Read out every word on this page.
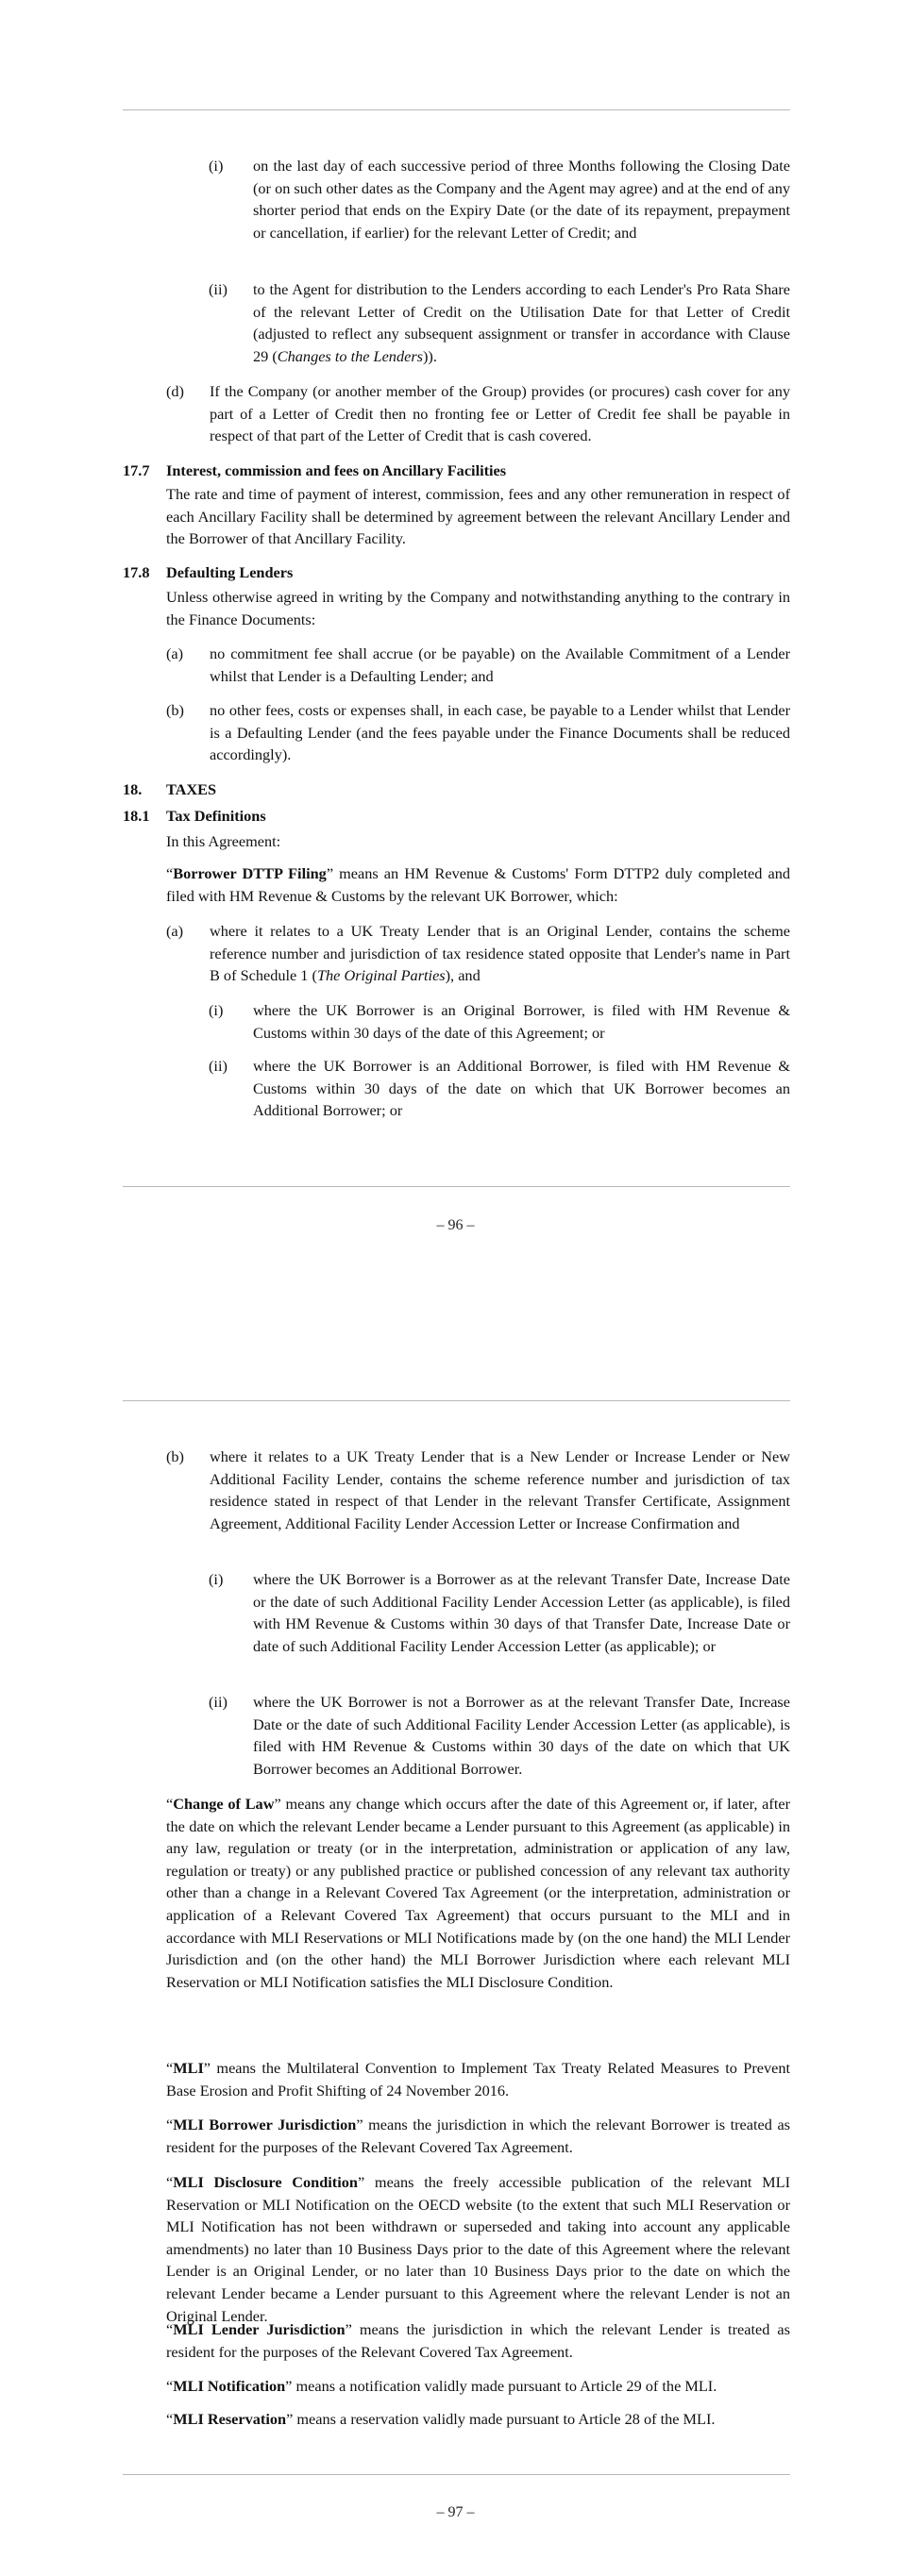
(i) on the last day of each successive period of three Months following the Closing Date (or on such other dates as the Company and the Agent may agree) and at the end of any shorter period that ends on the Expiry Date (or the date of its repayment, prepayment or cancellation, if earlier) for the relevant Letter of Credit; and

(ii) to the Agent for distribution to the Lenders according to each Lender's Pro Rata Share of the relevant Letter of Credit on the Utilisation Date for that Letter of Credit (adjusted to reflect any subsequent assignment or transfer in accordance with Clause 29 (Changes to the Lenders)).

(d) If the Company (or another member of the Group) provides (or procures) cash cover for any part of a Letter of Credit then no fronting fee or Letter of Credit fee shall be payable in respect of that part of the Letter of Credit that is cash covered.

17.7 Interest, commission and fees on Ancillary Facilities

The rate and time of payment of interest, commission, fees and any other remuneration in respect of each Ancillary Facility shall be determined by agreement between the relevant Ancillary Lender and the Borrower of that Ancillary Facility.

17.8 Defaulting Lenders

Unless otherwise agreed in writing by the Company and notwithstanding anything to the contrary in the Finance Documents:

(a) no commitment fee shall accrue (or be payable) on the Available Commitment of a Lender whilst that Lender is a Defaulting Lender; and

(b) no other fees, costs or expenses shall, in each case, be payable to a Lender whilst that Lender is a Defaulting Lender (and the fees payable under the Finance Documents shall be reduced accordingly).

18. TAXES

18.1 Tax Definitions

In this Agreement:

“Borrower DTTP Filing” means an HM Revenue & Customs' Form DTTP2 duly completed and filed with HM Revenue & Customs by the relevant UK Borrower, which:

(a) where it relates to a UK Treaty Lender that is an Original Lender, contains the scheme reference number and jurisdiction of tax residence stated opposite that Lender's name in Part B of Schedule 1 (The Original Parties), and

(i) where the UK Borrower is an Original Borrower, is filed with HM Revenue & Customs within 30 days of the date of this Agreement; or

(ii) where the UK Borrower is an Additional Borrower, is filed with HM Revenue & Customs within 30 days of the date on which that UK Borrower becomes an Additional Borrower; or

– 96 –

(b) where it relates to a UK Treaty Lender that is a New Lender or Increase Lender or New Additional Facility Lender, contains the scheme reference number and jurisdiction of tax residence stated in respect of that Lender in the relevant Transfer Certificate, Assignment Agreement, Additional Facility Lender Accession Letter or Increase Confirmation and

(i) where the UK Borrower is a Borrower as at the relevant Transfer Date, Increase Date or the date of such Additional Facility Lender Accession Letter (as applicable), is filed with HM Revenue & Customs within 30 days of that Transfer Date, Increase Date or date of such Additional Facility Lender Accession Letter (as applicable); or

(ii) where the UK Borrower is not a Borrower as at the relevant Transfer Date, Increase Date or the date of such Additional Facility Lender Accession Letter (as applicable), is filed with HM Revenue & Customs within 30 days of the date on which that UK Borrower becomes an Additional Borrower.

“Change of Law” means any change which occurs after the date of this Agreement or, if later, after the date on which the relevant Lender became a Lender pursuant to this Agreement (as applicable) in any law, regulation or treaty (or in the interpretation, administration or application of any law, regulation or treaty) or any published practice or published concession of any relevant tax authority other than a change in a Relevant Covered Tax Agreement (or the interpretation, administration or application of a Relevant Covered Tax Agreement) that occurs pursuant to the MLI and in accordance with MLI Reservations or MLI Notifications made by (on the one hand) the MLI Lender Jurisdiction and (on the other hand) the MLI Borrower Jurisdiction where each relevant MLI Reservation or MLI Notification satisfies the MLI Disclosure Condition.

“MLI” means the Multilateral Convention to Implement Tax Treaty Related Measures to Prevent Base Erosion and Profit Shifting of 24 November 2016.

“MLI Borrower Jurisdiction” means the jurisdiction in which the relevant Borrower is treated as resident for the purposes of the Relevant Covered Tax Agreement.

“MLI Disclosure Condition” means the freely accessible publication of the relevant MLI Reservation or MLI Notification on the OECD website (to the extent that such MLI Reservation or MLI Notification has not been withdrawn or superseded and taking into account any applicable amendments) no later than 10 Business Days prior to the date of this Agreement where the relevant Lender is an Original Lender, or no later than 10 Business Days prior to the date on which the relevant Lender became a Lender pursuant to this Agreement where the relevant Lender is not an Original Lender.

“MLI Lender Jurisdiction” means the jurisdiction in which the relevant Lender is treated as resident for the purposes of the Relevant Covered Tax Agreement.

“MLI Notification” means a notification validly made pursuant to Article 29 of the MLI.

“MLI Reservation” means a reservation validly made pursuant to Article 28 of the MLI.

– 97 –
